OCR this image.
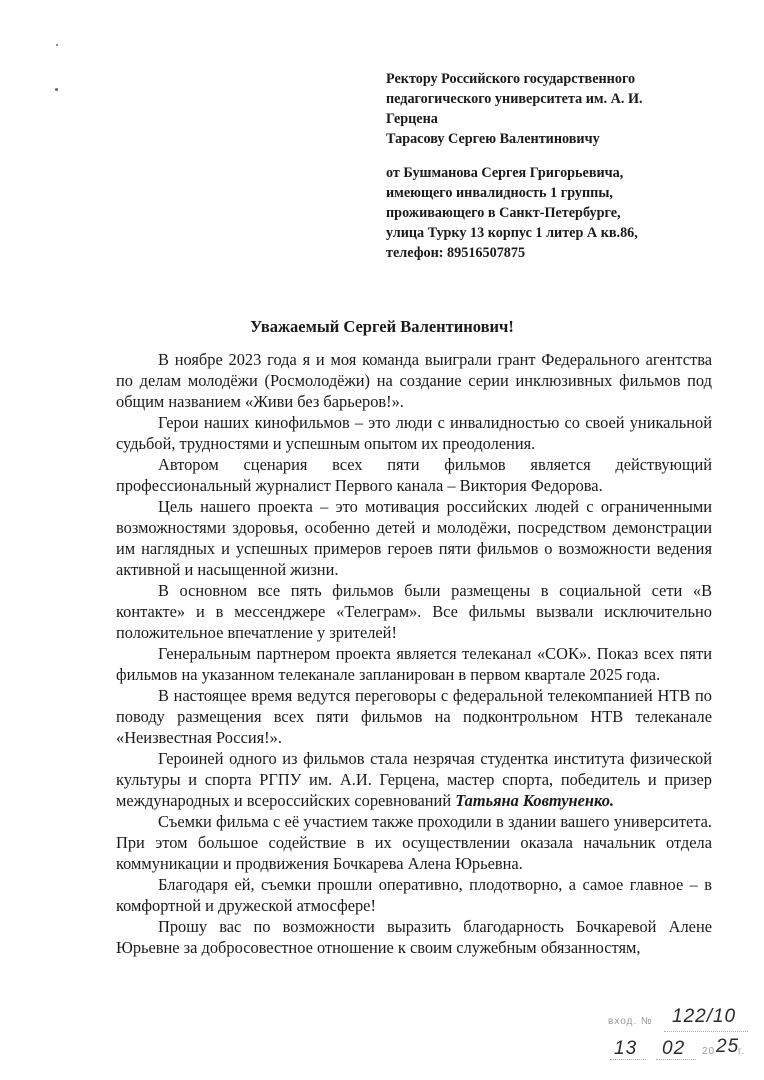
Ректору Российского государственного
педагогического университета им. А. И.
Герцена
Тарасову Сергею Валентиновичу
от Бушманова Сергея Григорьевича,
имеющего инвалидность 1 группы,
проживающего в Санкт-Петербурге,
улица Турку 13 корпус 1 литер А кв.86,
телефон: 89516507875
Уважаемый Сергей Валентинович!

В ноябре 2023 года я и моя команда выиграли грант Федерального агентства по делам молодёжи (Росмолодёжи) на создание серии инклюзивных фильмов под общим названием «Живи без барьеров!».

Герои наших кинофильмов – это люди с инвалидностью со своей уникальной судьбой, трудностями и успешным опытом их преодоления.

Автором сценария всех пяти фильмов является действующий профессиональный журналист Первого канала – Виктория Федорова.

Цель нашего проекта – это мотивация российских людей с ограниченными возможностями здоровья, особенно детей и молодёжи, посредством демонстрации им наглядных и успешных примеров героев пяти фильмов о возможности ведения активной и насыщенной жизни.

В основном все пять фильмов были размещены в социальной сети «В контакте» и в мессенджере «Телеграм». Все фильмы вызвали исключительно положительное впечатление у зрителей!

Генеральным партнером проекта является телеканал «СОК». Показ всех пяти фильмов на указанном телеканале запланирован в первом квартале 2025 года.

В настоящее время ведутся переговоры с федеральной телекомпанией НТВ по поводу размещения всех пяти фильмов на подконтрольном НТВ телеканале «Неизвестная Россия!».

Героиней одного из фильмов стала незрячая студентка института физической культуры и спорта РГПУ им. А.И. Герцена, мастер спорта, победитель и призер международных и всероссийских соревнований Татьяна Ковтуненко.

Съемки фильма с её участием также проходили в здании вашего университета. При этом большое содействие в их осуществлении оказала начальник отдела коммуникации и продвижения Бочкарева Алена Юрьевна.

Благодаря ей, съемки прошли оперативно, плодотворно, а самое главное – в комфортной и дружеской атмосфере!

Прошу вас по возможности выразить благодарность Бочкаревой Алене Юрьевне за добросовестное отношение к своим служебным обязанностям,

вход. № 122/10
13 02 20 25
г.
